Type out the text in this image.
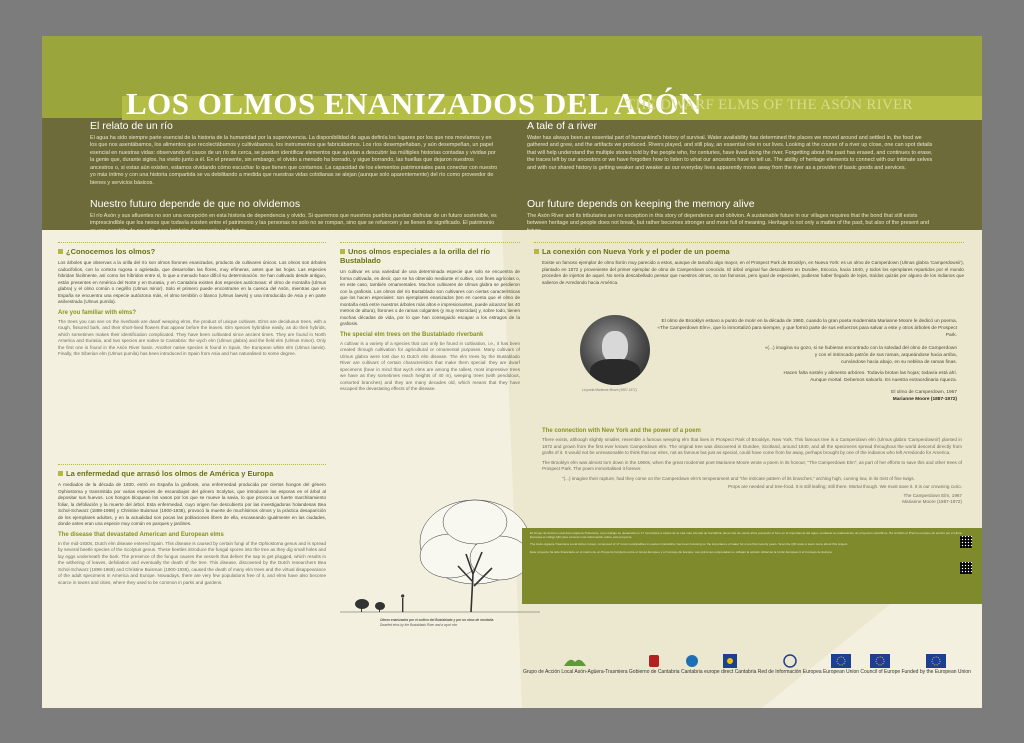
LOS OLMOS ENANIZADOS DEL ASÓN
THE DWARF ELMS OF THE ASÓN RIVER
El relato de un río

El agua ha sido siempre parte esencial de la historia de la humanidad por la supervivencia. La disponibilidad de agua definía los lugares por los que nos movíamos y en los que nos asentábamos, los alimentos que recolectábamos y cultivábamos, los instrumentos que fabricábamos. Los ríos desempeñaban, y aún desempeñan, un papel esencial en nuestras vidas: observando el cauce de un río de cerca, se pueden identificar elementos que ayudan a descubrir las múltiples historias contadas y vividas por la gente que, durante siglos, ha vivido junto a él. En el presente, sin embargo, el olvido a menudo ha borrado, y sigue borrando, las huellas que dejaron nuestros ancestros o, si estas aún existen, estamos olvidando cómo escuchar lo que tienen que contarnos. La capacidad de los elementos patrimoniales para conectar con nuestro yo más íntimo y con una historia compartida se va debilitando a medida que nuestras vidas cotidianas se alejan (aunque solo aparentemente) del río como proveedor de bienes y servicios básicos.

Nuestro futuro depende de que no olvidemos

El río Asón y sus afluentes no son una excepción en esta historia de dependencia y olvido. Si queremos que nuestros pueblos puedan disfrutar de un futuro sostenible, es imprescindible que los nexos que todavía existen entre el patrimonio y las personas no solo no se rompan, sino que se refuercen y se llenen de significado. El patrimonio

A tale of a river

Water has always been an essential part of humankind's history of survival. Water availability has determined the places we moved around and settled in, the food we gathered and grew, and the artifacts we produced. Rivers played, and still play, an essential role in our lives. Looking at the course of a river up close, one can spot details that will help understand the multiple stories told by the people who, for centuries, have lived along the river. Forgetting about the past has erased, and continues to erase, the traces left by our ancestors or we have forgotten how to listen to what our ancestors have to tell us. The ability of heritage elements to connect with our intimate selves and with our shared history is getting weaker and weaker as our everyday lives apparently move away from the river as a provider of basic goods and services.

Our future depends on keeping the memory alive

The Asón River and its tributaries are no exception in this story of dependence and oblivion. A sustainable future in our villages requires that the bond that still exists between heritage and people does not break, but rather becomes stronger and more full of meaning. Heritage is not only a matter of the past, but also of the present and

¿Conocemos los olmos?

Los árboles que observas a la orilla del río son olmos llorones enanizados, producto de cultivares únicos. Los olmos son árboles caducifolios, con la corteza rugosa o agrietada, que desarrollan las flores, muy efímeras, antes que las hojas. Las especies hibridan fácilmente, así como los híbridos entre sí, lo que a menudo hace difícil su determinación. Se han cultivado desde antiguo, están presentes en América del Norte y en Eurasia, y en Cantabria existen dos especies autóctonas: el olmo de montaña (Ulmus glabra) y el olmo común o negrillo (Ulmus minor). Solo el primero puede encontrarse en la cuenca del Asón, mientras que en España se encuentra una especie autóctona más, el olmo temblón o blanco (Ulmus laevis) y una introducida de Asia y en parte asilvestrada (Ulmus pumila).

Are you familiar with elms?

The trees you can see on the riverbank are dwarf weeping elms, the product of unique cultivars. Elms are deciduous trees, with a rough, fissured bark, and their short-lived flowers that appear before the leaves. Elm species hybridise easily, as do their hybrids, which sometimes makes their identification complicated. They have been cultivated since ancient times. They are found in North America and Eurasia, and two species are native to Cantabria: the wych elm (Ulmus glabra) and the field elm (Ulmus minor). Only the first one is found in the Asón River basin. Another native species is found in Spain, the European white elm (Ulmus laevis). Finally, the Siberian elm (Ulmus pumila) has been introduced in Spain from Asia and has naturalised to some degree.

La enfermedad que arrasó los olmos de América y Europa

A mediados de la década de 1930, entró en España la grafiosis, una enfermedad producida por ciertos hongos del género Ophiostoma y transmitida por varias especies de escarabajos del género Scolytus, que introducen las esporas en el árbol al depositar sus huevos. Los hongos bloquean los vasos por los que se mueve la savia, lo que provoca un fuerte marchitamiento foliar, la defoliación y la muerte del árbol. Esta enfermedad, cuyo origen fue descubierto por las investigadoras holandesas Bea Schol-Schwarz (1898-1969) y Christine Buisman (1900-1936), provocó la muerte de muchísimos olmos y la práctica desaparición de los ejemplares adultos, y en la actualidad son pocas las poblaciones libres de ella, escaseando igualmente en las ciudades, donde antes eran una especie muy común en parques y jardines.

The disease that devastated American and European elms

In the mid-1930s, Dutch elm disease entered Spain. This disease is caused by certain fungi of the Ophiostoma genus and is spread by several beetle species of the Scolytus genus. These beetles introduce the fungal spores into the tree as they dig small holes and lay eggs underneath the bark. The presence of the fungus causes the vessels that deliver the sap to get plugged, which results in the withering of leaves, defoliation and eventually the death of the tree. This disease, discovered by the Dutch researchers Bea Schol-Schwarz (1898-1969) and Christine Buisman (1900-1936), caused the death of many elm trees and the virtual disappearance of the adult specimens in America and Europe. Nowadays, there are very few populations free of it, and elms have also become scarce in towns and cities, where they used to be common in parks and gardens.

Unos olmos especiales a la orilla del río Bustablado

Un cultivar es una variedad de una determinada especie que solo se encuentra de forma cultivada, es decir, que se ha obtenido mediante el cultivo, con fines agrícolas o, en este caso, también ornamentales. Muchos cultivares de Ulmus glabra se perdieron con la grafiosis. Los olmos del río Bustablado son cultivares con ciertas características que los hacen especiales: son ejemplares enanizados (ten en cuenta que el olmo de montaña está entre nuestros árboles más altos e impresionantes, puede alcanzar los 40 metros de altura), llorones o de ramas colgantes (y muy retorcidas) y, sobre todo, tienen muchas décadas de vida, por lo que han conseguido escapar a los estragos de la grafiosis.

The special elm trees on the Bustablado riverbank

A cultivar is a variety of a species that can only be found in cultivation, i.e., it has been created through cultivation for agricultural or ornamental purposes. Many cultivars of Ulmus glabra were lost due to Dutch elm disease. The elm trees by the Bustablado River are cultivars of certain characteristics that make them special: they are dwarf specimens (bear in mind that wych elms are among the tallest, most impressive trees we have as they sometimes reach heights of 40 m), weeping trees (with pendulous, contorted branches) and they are many decades old, which means that they have escaped the devastating effects of the disease.

Olmos enanizados por el cultivo del Bustablado y por un olmo de montaña
Dwarfed elms by the Bustablado River and a wych elm
La conexión con Nueva York y el poder de un poema

Existe un famoso ejemplar de olmo llorón muy parecido a estos, aunque de tamaño algo mayor, en el Prospect Park de Brooklyn, en Nueva York: es un olmo de Camperdown (Ulmus glabra 'Camperdownii'), plantado en 1872 y proveniente del primer ejemplar de olmo de Camperdown conocido. El árbol original fue descubierto en Dundee, Escocia, hacia 1840, y todos los ejemplares repartidos por el mundo proceden de injertos de aquel. No sería descabellado pensar que nuestros olmos, no tan famosos, pero igual de especiales, pudieran haber llegado de lejos, traídos quizás por alguno de los indianos que salieron de Arredondo hacia América.

La poeta Marianne Moore (1887-1972)
El olmo de Brooklyn estuvo a punto de morir en la década de 1960, cuando la gran poeta modernista Marianne Moore le dedicó un poema, «The Camperdown Elm», que lo inmortalizó para siempre, y que formó parte de sus esfuerzos para salvar a este y otros árboles de Prospect Park.
«(...) imagina su gozo, si se hubieran encontrado con la soledad del olmo de Camperdown
y con el intrincado patrón de sus ramas, arqueándose hacia arriba,
curvándose hacia abajo, en su neblina de ramas finas.
Hacen falta sostén y alimento arbóreo. Todavía brotan las hojas; todavía está ahí.
Aunque mortal. Debemos salvarlo. Es nuestra extraordinaria riqueza.
El olmo de Camperdown, 1967
Marianne Moore (1887-1972)
The connection with New York and the power of a poem

There exists, although slightly smaller, resemble a famous weeping elm that lives in Prospect Park of Brooklyn, New York. This famous tree is a Camperdown elm (Ulmus glabra 'Camperdownii') planted in 1872 and grown from the first ever known Camperdown elm. The original tree was discovered in Dundee, Scotland, around 1840, and all the specimens spread throughout the world descend directly from grafts of it. It would not be unreasonable to think that our elms, not as famous but just as special, could have come from far away, perhaps brought by one of the indianos who left Arredondo for America.

The Brooklyn elm was almost torn down in the 1960s, when the great modernist poet Marianne Moore wrote a poem in its honour, "The Camperdown Elm", as part of her efforts to save this and other trees of Prospect Park. The poem immortalised it forever.

"(...) imagine their rapture, had they come on the Camperdown elm's temperament and "the intricate pattern of its branches," arching high, curving low, in its mist of fine twigs.

Props are needed and tree-food. It is still leafing; still there. Mortal though. We must save it. It is our crowning curio.

The Camperdown Elm, 1967

Marianne Moore (1887-1972)

El Grupo de Acción Local Asón-Agüera-Trasmiera, cuyo trabajo se desarrolla en 17 municipios a través de la ruta más oriental de Cantabria, lleva más de veinte años poniendo el foco en la importancia del agua, mediante la colaboración de proyectos científicos. Ha recibido el Premio europeo de acción por el clima. Escanea el código QR para conocer más información sobre este proyecto.

The Asón-Agüera-Trasmiera Local Action Group, composed of 17 rural municipalities in eastern Cantabria, has been focusing on the importance of water for more than twenty years. Scan the QR code to learn more about this project.

Este proyecto ha sido financiado en el marco de un Proyecto Conjunto entre el Grupo Europeo y el Consejo de Europa. Las opiniones expresadas no reflejan la opinión oficial de la Unión Europea ni el Consejo de Europa.

Grupo de Acción Local Asón-Agüera-Trasmiera Gobierno de Cantabria Cantabria europe direct Cantabria Red de Información Europea European Union Council of Europe Funded by the European Union
